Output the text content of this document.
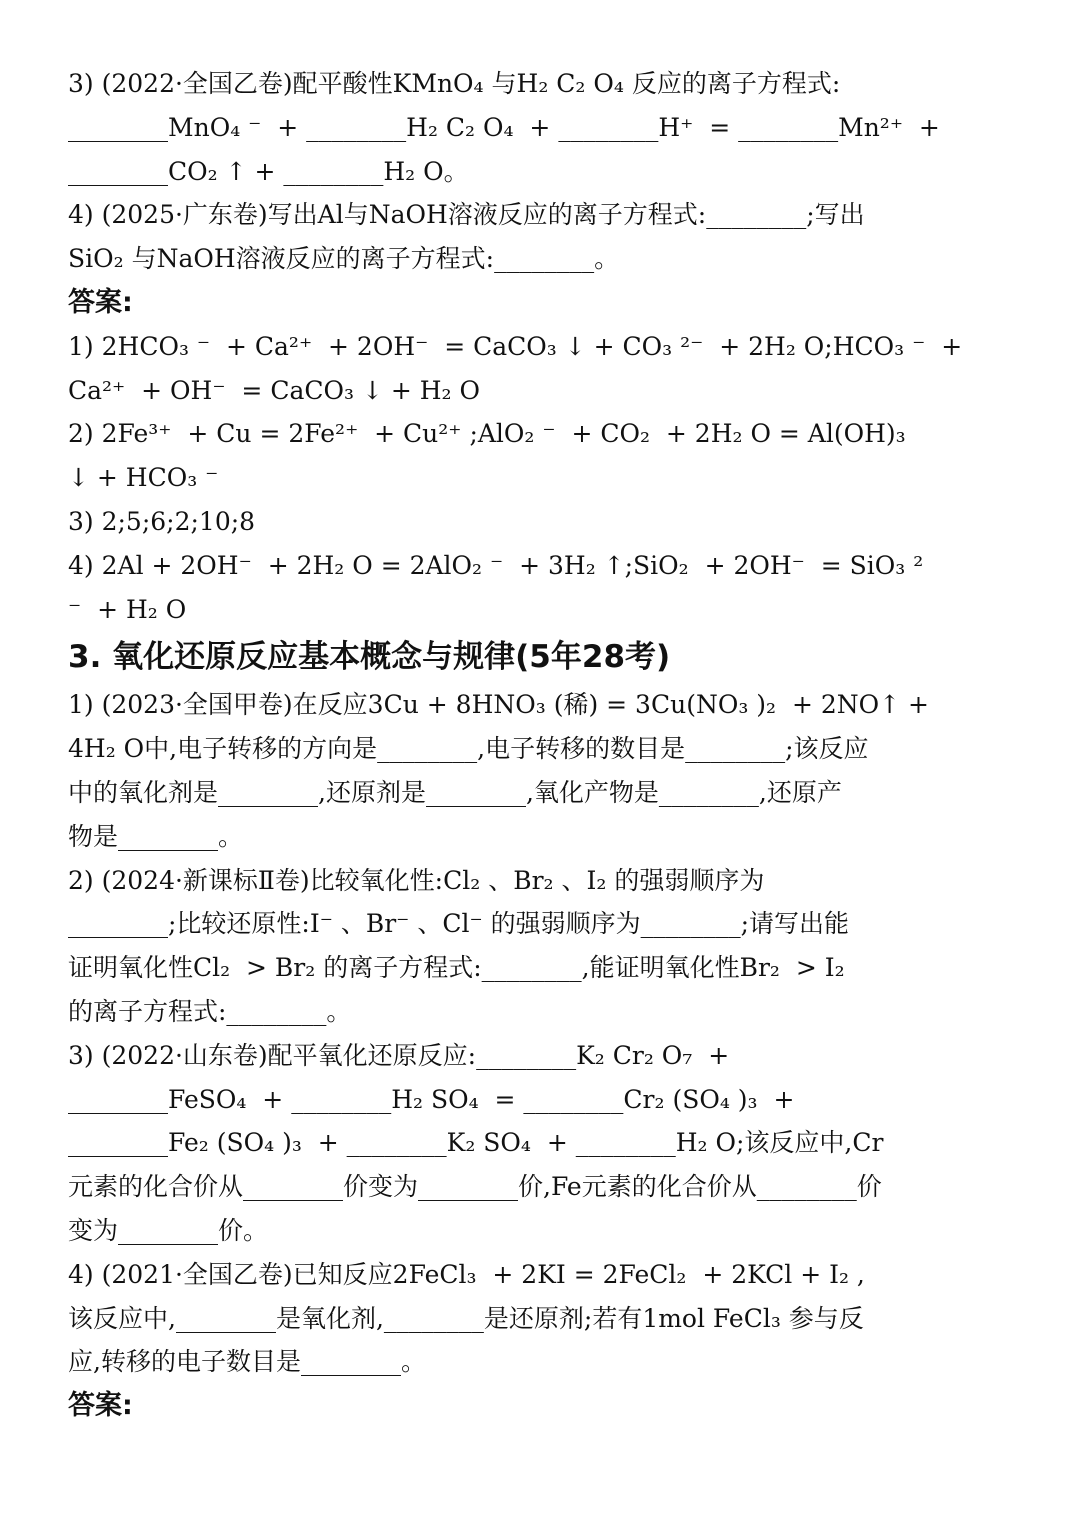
3) (2022·全国乙卷)配平酸性KMnO₄ 与H₂ C₂ O₄ 反应的离子方程式:
________MnO₄ ⁻  + ________H₂ C₂ O₄  + ________H⁺  = ________Mn²⁺  +
________CO₂ ↑ + ________H₂ O。
4) (2025·广东卷)写出Al与NaOH溶液反应的离子方程式:________;写出
SiO₂ 与NaOH溶液反应的离子方程式:________。
答案:
1) 2HCO₃ ⁻  + Ca²⁺  + 2OH⁻  = CaCO₃ ↓ + CO₃ ²⁻  + 2H₂ O;HCO₃ ⁻  +
Ca²⁺  + OH⁻  = CaCO₃ ↓ + H₂ O
2) 2Fe³⁺  + Cu = 2Fe²⁺  + Cu²⁺ ;AlO₂ ⁻  + CO₂  + 2H₂ O = Al(OH)₃
↓ + HCO₃ ⁻
3) 2;5;6;2;10;8
4) 2Al + 2OH⁻  + 2H₂ O = 2AlO₂ ⁻  + 3H₂ ↑;SiO₂  + 2OH⁻  = SiO₃ ²
⁻  + H₂ O
3. 氧化还原反应基本概念与规律(5年28考)
1) (2023·全国甲卷)在反应3Cu + 8HNO₃ (稀) = 3Cu(NO₃ )₂  + 2NO↑ +
4H₂ O中,电子转移的方向是________,电子转移的数目是________;该反应
中的氧化剂是________,还原剂是________,氧化产物是________,还原产
物是________。
2) (2024·新课标Ⅱ卷)比较氧化性:Cl₂ 、Br₂ 、I₂ 的强弱顺序为
________;比较还原性:I⁻ 、Br⁻ 、Cl⁻ 的强弱顺序为________;请写出能
证明氧化性Cl₂  > Br₂ 的离子方程式:________,能证明氧化性Br₂  > I₂
的离子方程式:________。
3) (2022·山东卷)配平氧化还原反应:________K₂ Cr₂ O₇  +
________FeSO₄  + ________H₂ SO₄  = ________Cr₂ (SO₄ )₃  +
________Fe₂ (SO₄ )₃  + ________K₂ SO₄  + ________H₂ O;该反应中,Cr
元素的化合价从________价变为________价,Fe元素的化合价从________价
变为________价。
4) (2021·全国乙卷)已知反应2FeCl₃  + 2KI = 2FeCl₂  + 2KCl + I₂ ,
该反应中,________是氧化剂,________是还原剂;若有1mol FeCl₃ 参与反
应,转移的电子数目是________。
答案:
